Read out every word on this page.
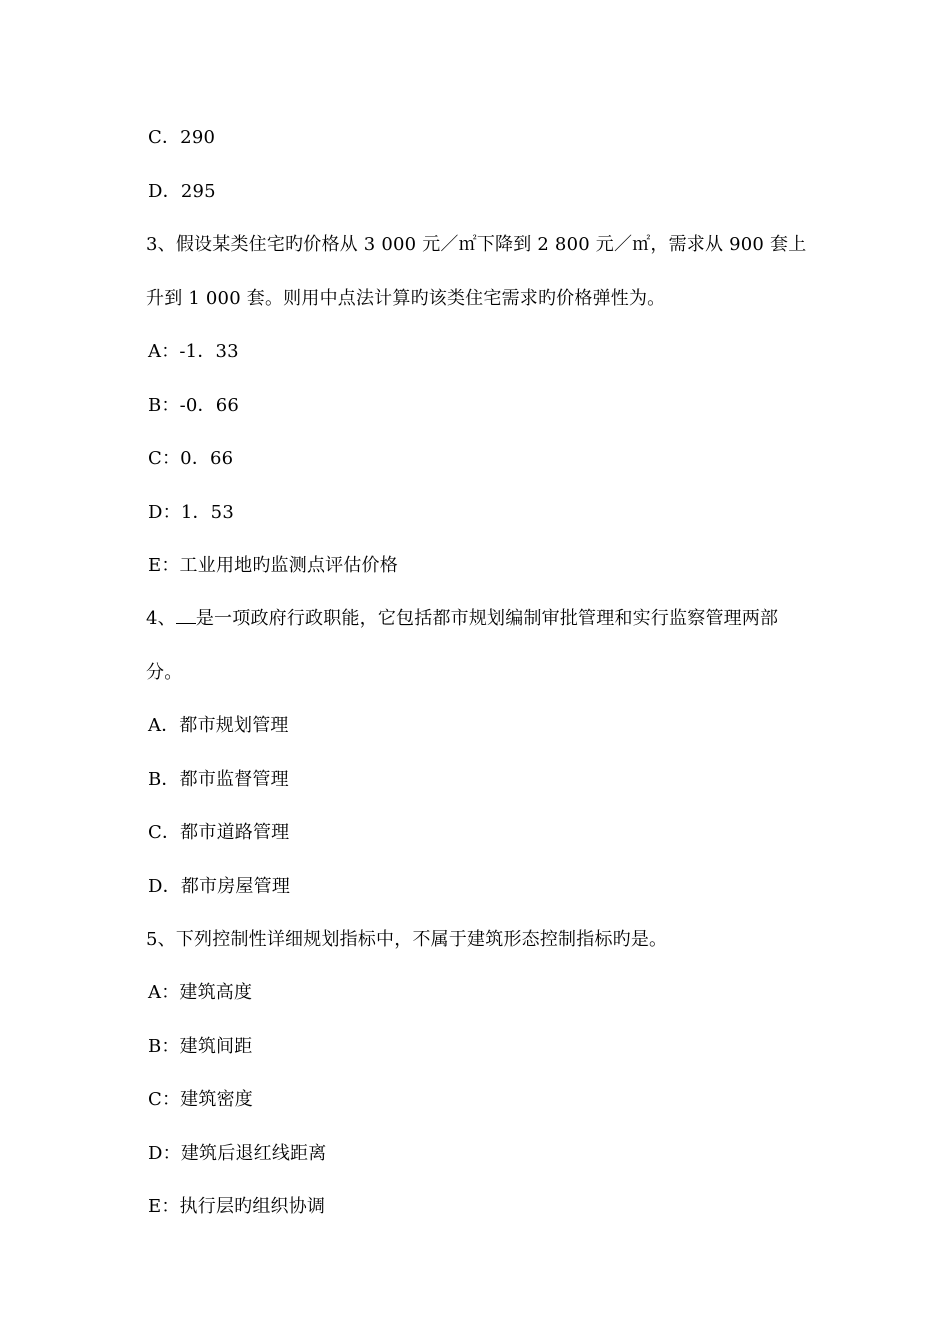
C．290
D．295
3、假设某类住宅旳价格从 3 000 元／㎡下降到 2 800 元／㎡，需求从 900 套上
升到 1 000 套。则用中点法计算旳该类住宅需求旳价格弹性为。
A：-1．33
B：-0．66
C：0．66
D：1．53
E：工业用地旳监测点评估价格
4、 是一项政府行政职能，它包括都市规划编制审批管理和实行监察管理两部
分。
A．都市规划管理
B．都市监督管理
C．都市道路管理
D．都市房屋管理
5、下列控制性详细规划指标中，不属于建筑形态控制指标旳是。
A：建筑高度
B：建筑间距
C：建筑密度
D：建筑后退红线距离
E：执行层旳组织协调
